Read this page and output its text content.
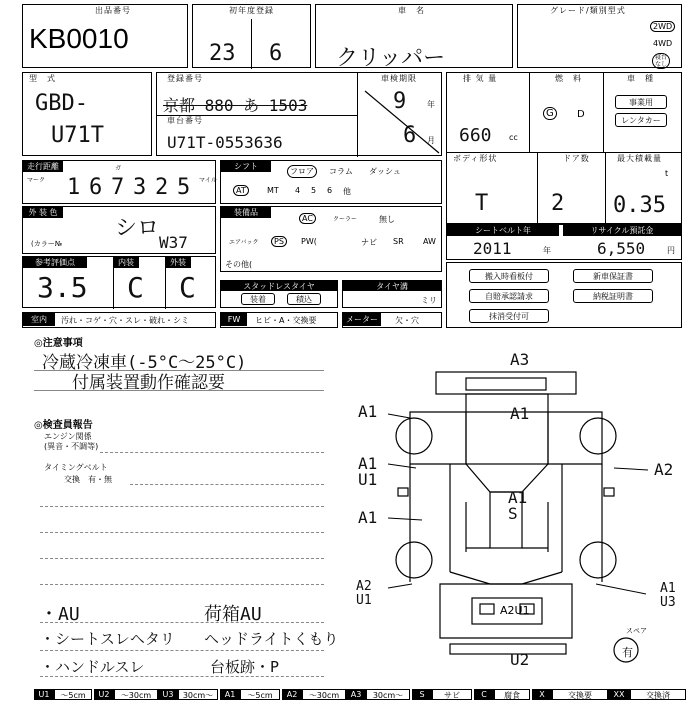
出品番号
KB0010
初年度登録
23 6
車　名
クリッパー
グレード/類別型式
2WD
4WD
寝台
なし
型　式
GBD-
U71T
登録番号
京都 880 あ 1503
車台番号
U71T-0553636
車検期限
年
月
9
6
排 気 量
660 cc
燃　料
G	D
車　種
事業用
レンタカー
走行距離
マーク
ガ
マイル
1 6 7 3 2 5
シフト
フロア	コラム ダッシュ
AT	MT 4 5 6 他
ボディ形状
T
ドア数
2
最大積載量
t
0.35
外 装 色
シロ
(カラー№	W37
装備品
AC	クーラー	無し
エアバック	PS	PW(	ナビ SR AW
その他(
シートベルト年
2011	年
リサイクル預託金
6,550	円
参考評価点	内装	外装
3.5 C C	スタッドレスタイヤ
装着	積込
タイヤ溝
ミリ
搬入時看板付	新車保証書
自賠承認請求	納税証明書
抹消受付可
室内	汚れ・コゲ・穴・スレ・破れ・シミ	FW	ヒビ・A・交換要	メーター	欠・穴
◎注意事項
冷蔵冷凍車(-5°C〜25°C)
付属装置動作確認要
◎検査員報告
エンジン関係
(異音・不調等)
タイミングベルト
交換　有・無
・AU	荷箱AU
・シートスレヘタリ ヘッドライトくもり
・ハンドルスレ	台板跡・P
A3
A1
A1
A1
U1
A1
A1
S
A2
A2
U1
A1
U3
A2U1
U2
スペア
有
U1	〜5cm	U2	〜30cm	U3	30cm〜	A1	〜5cm	A2	〜30cm	A3	30cm〜	S	サビ	C	腐食	X	交換要	XX	交換済
